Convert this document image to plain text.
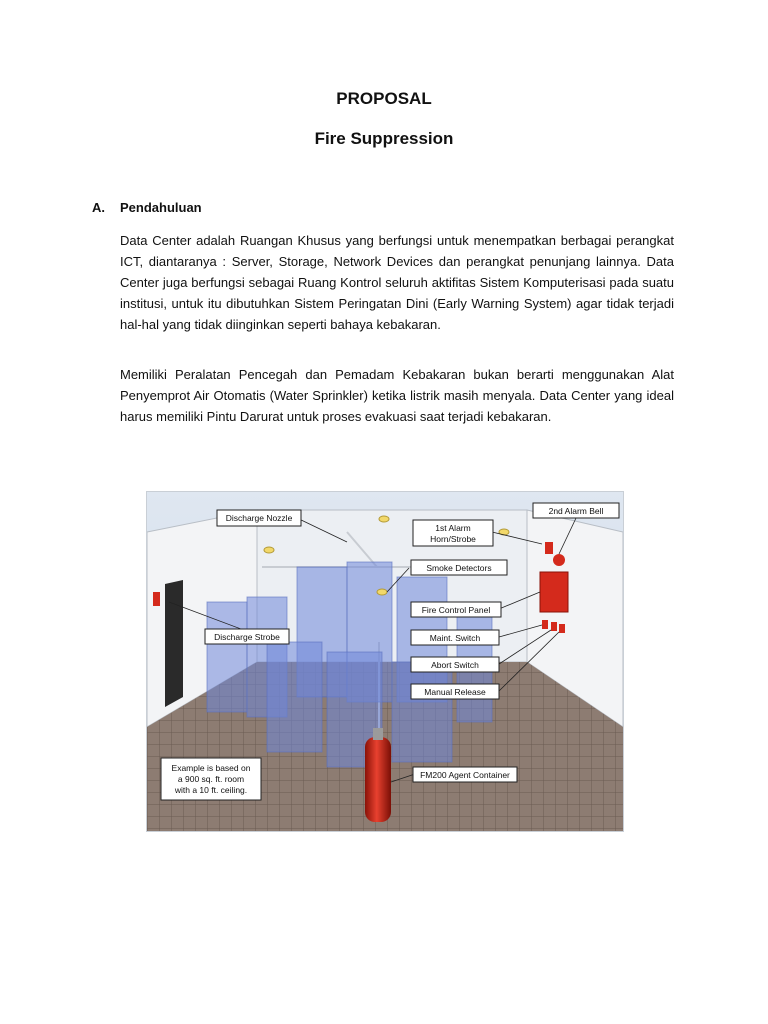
PROPOSAL
Fire Suppression
A. Pendahuluan

Data Center adalah Ruangan Khusus yang berfungsi untuk menempatkan berbagai perangkat ICT, diantaranya : Server, Storage, Network Devices dan perangkat penunjang lainnya. Data Center juga berfungsi sebagai Ruang Kontrol seluruh aktifitas Sistem Komputerisasi pada suatu institusi, untuk itu dibutuhkan Sistem Peringatan Dini (Early Warning System) agar tidak terjadi hal-hal yang tidak diinginkan seperti bahaya kebakaran.

Memiliki Peralatan Pencegah dan Pemadam Kebakaran bukan berarti menggunakan Alat Penyemprot Air Otomatis (Water Sprinkler) ketika listrik masih menyala. Data Center yang ideal harus memiliki Pintu Darurat untuk proses evakuasi saat terjadi kebakaran.

Discharge Nozzle
1st Alarm
Horn/Strobe
2nd Alarm Bell
Smoke Detectors
Fire Control Panel
Discharge Strobe	Maint. Switch
Abort Switch
Manual Release
Example is based on
a 900 sq. ft. room
with a 10 ft. ceiling.
FM200 Agent Container
